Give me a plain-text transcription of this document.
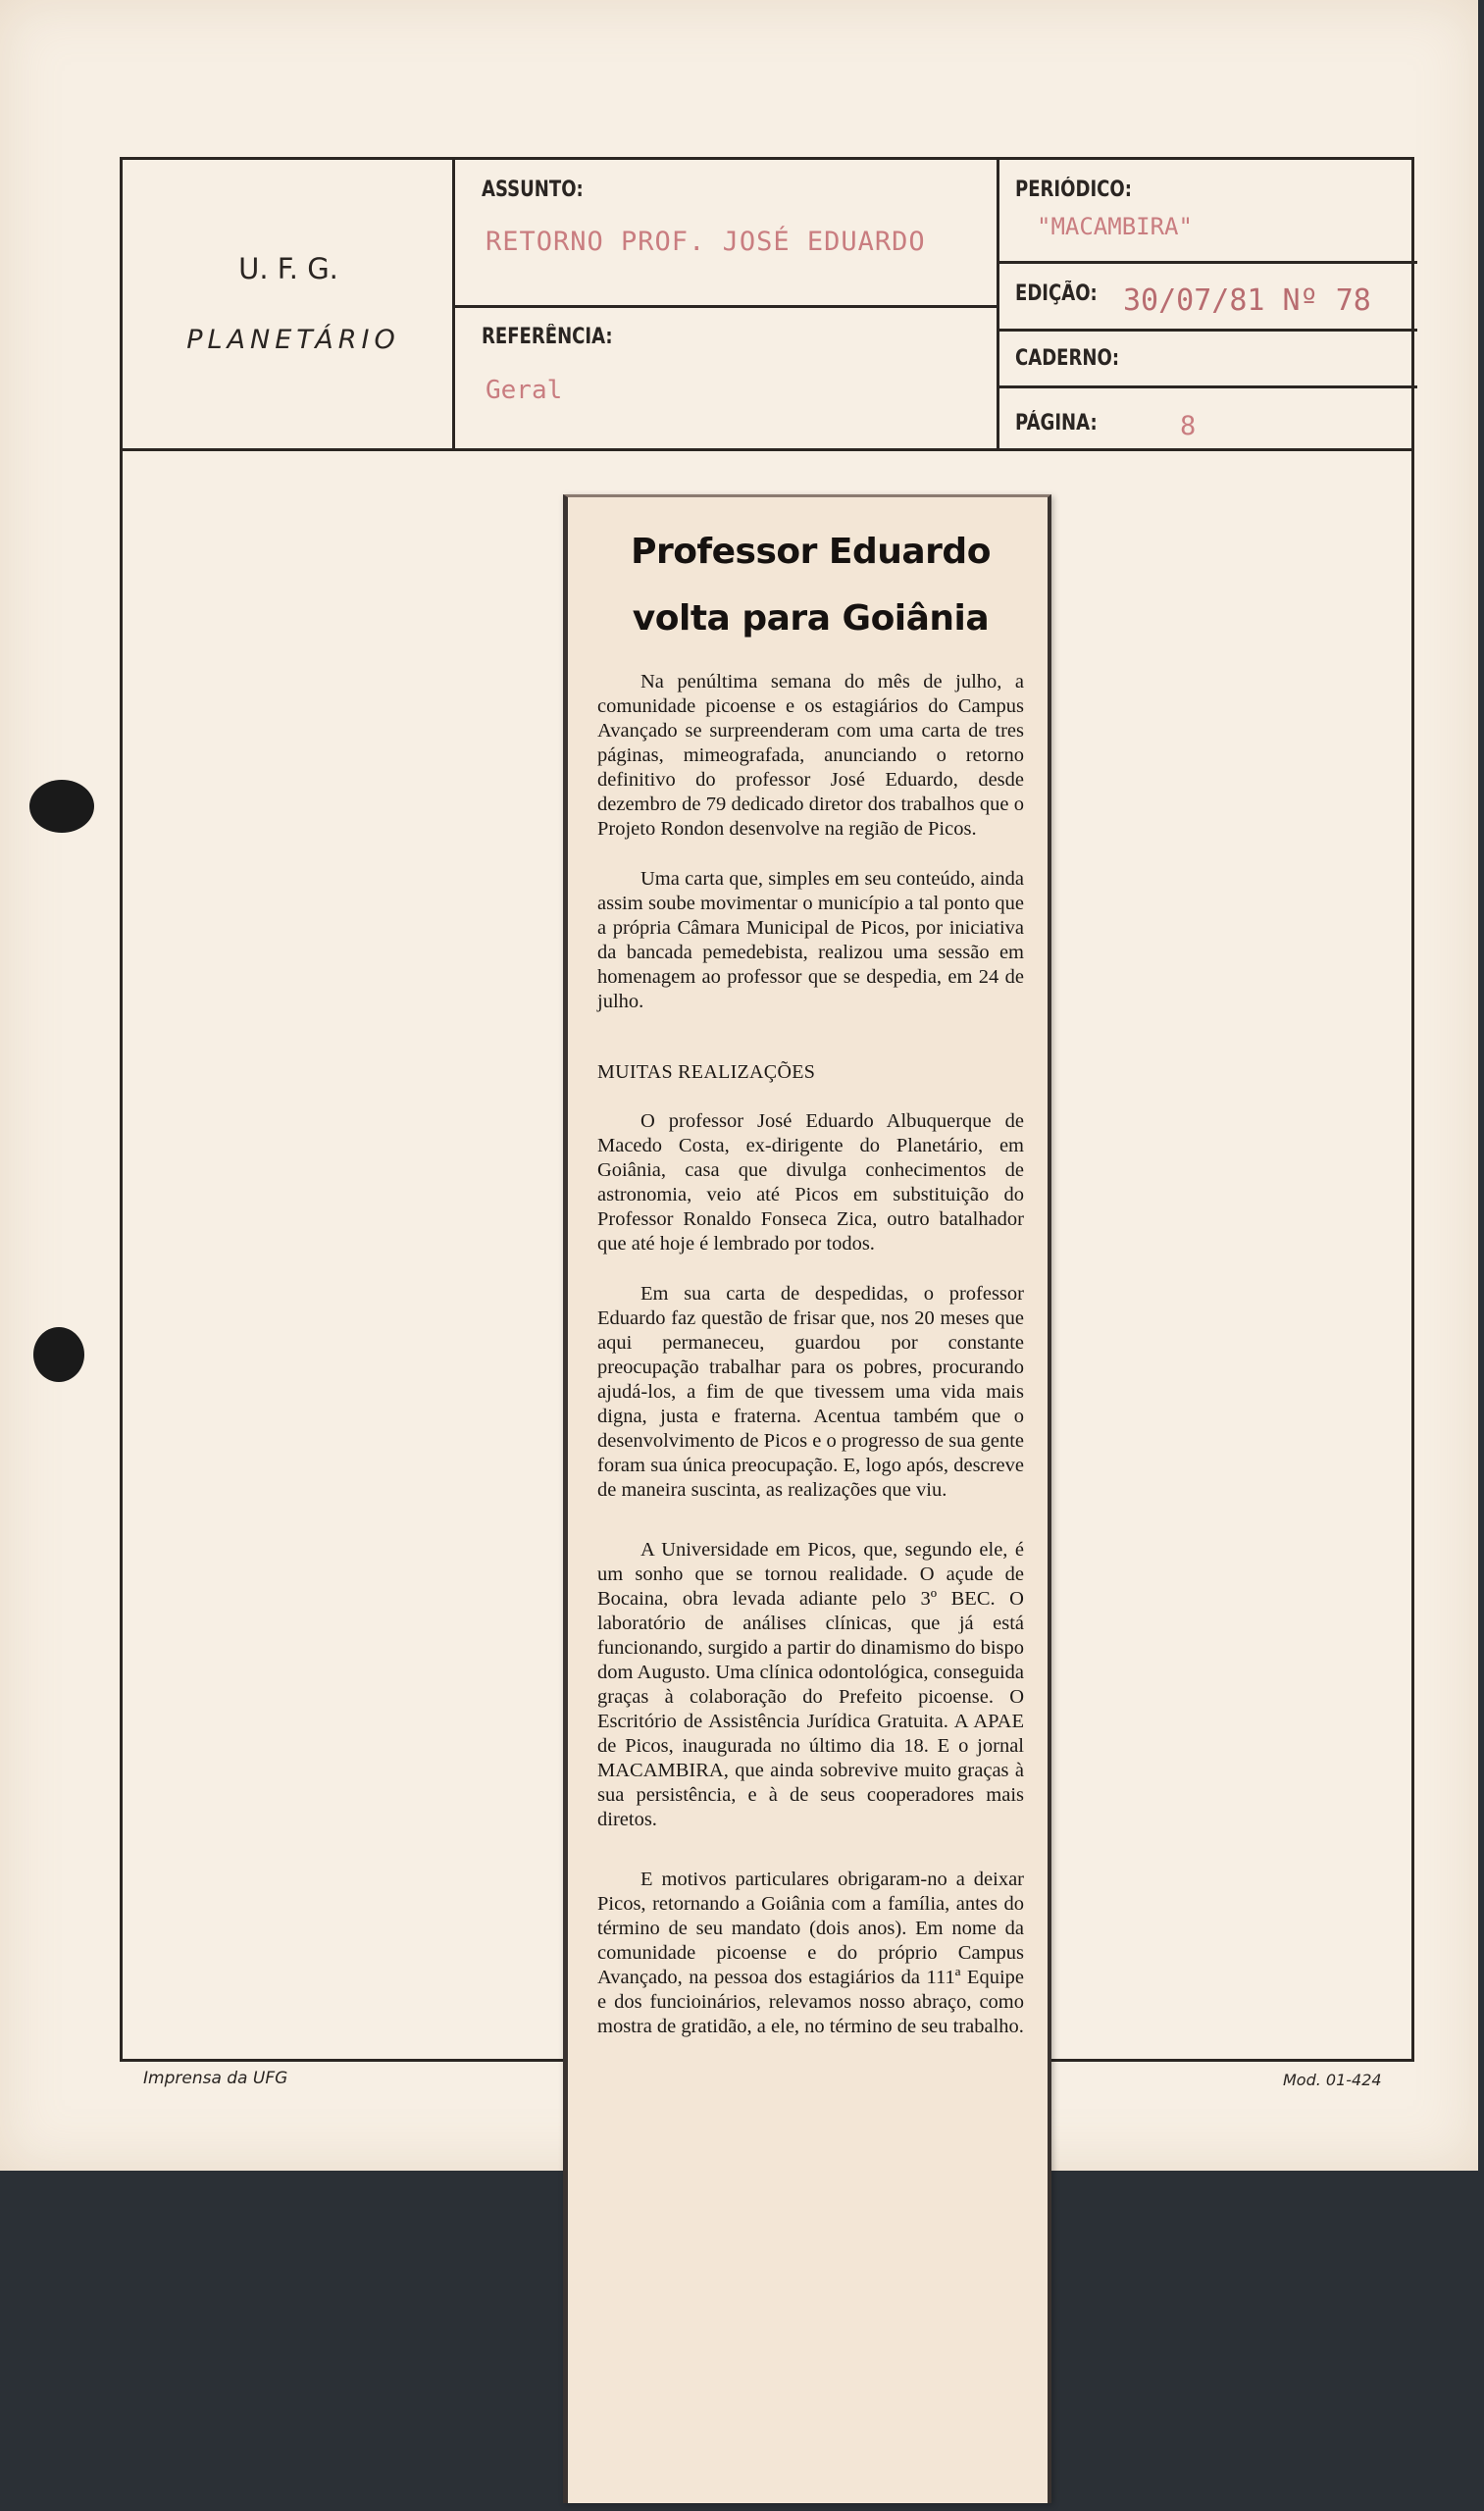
U. F. G.
PLANETÁRIO
ASSUNTO:
RETORNO PROF. JOSÉ EDUARDO
REFERÊNCIA:
Geral
PERIÓDICO:
"MACAMBIRA"
EDIÇÃO: 30/07/81 Nº 78
CADERNO:
PÁGINA:	8
Imprensa da UFG	Mod. 01-424
Professor Eduardo volta para Goiânia

Na penúltima semana do mês de julho, a comunidade picoense e os estagiários do Campus Avançado se surpreenderam com uma carta de tres páginas, mimeografada, anunciando o retorno definitivo do professor José Eduardo, desde dezembro de 79 dedicado diretor dos trabalhos que o Projeto Rondon desenvolve na região de Picos.

Uma carta que, simples em seu conteúdo, ainda assim soube movimentar o município a tal ponto que a própria Câmara Municipal de Picos, por iniciativa da bancada pemedebista, realizou uma sessão em homenagem ao professor que se despedia, em 24 de julho.

MUITAS REALIZAÇÕES

O professor José Eduardo Albuquerque de Macedo Costa, ex-dirigente do Planetário, em Goiânia, casa que divulga conhecimentos de astronomia, veio até Picos em substituição do Professor Ronaldo Fonseca Zica, outro batalhador que até hoje é lembrado por todos.

Em sua carta de despedidas, o professor Eduardo faz questão de frisar que, nos 20 meses que aqui permaneceu, guardou por constante preocupação trabalhar para os pobres, procurando ajudá-los, a fim de que tivessem uma vida mais digna, justa e fraterna. Acentua também que o desenvolvimento de Picos e o progresso de sua gente foram sua única preocupação. E, logo após, descreve de maneira suscinta, as realizações que viu.

A Universidade em Picos, que, segundo ele, é um sonho que se tornou realidade. O açude de Bocaina, obra levada adiante pelo 3º BEC. O laboratório de análises clínicas, que já está funcionando, surgido a partir do dinamismo do bispo dom Augusto. Uma clínica odontológica, conseguida graças à colaboração do Prefeito picoense. O Escritório de Assistência Jurídica Gratuita. A APAE de Picos, inaugurada no último dia 18. E o jornal MACAMBIRA, que ainda sobrevive muito graças à sua persistência, e à de seus cooperadores mais diretos.

E motivos particulares obrigaram-no a deixar Picos, retornando a Goiânia com a família, antes do término de seu mandato (dois anos). Em nome da comunidade picoense e do próprio Campus Avançado, na pessoa dos estagiários da 111ª Equipe e dos funcioinários, relevamos nosso abraço, como mostra de gratidão, a ele, no término de seu trabalho.
